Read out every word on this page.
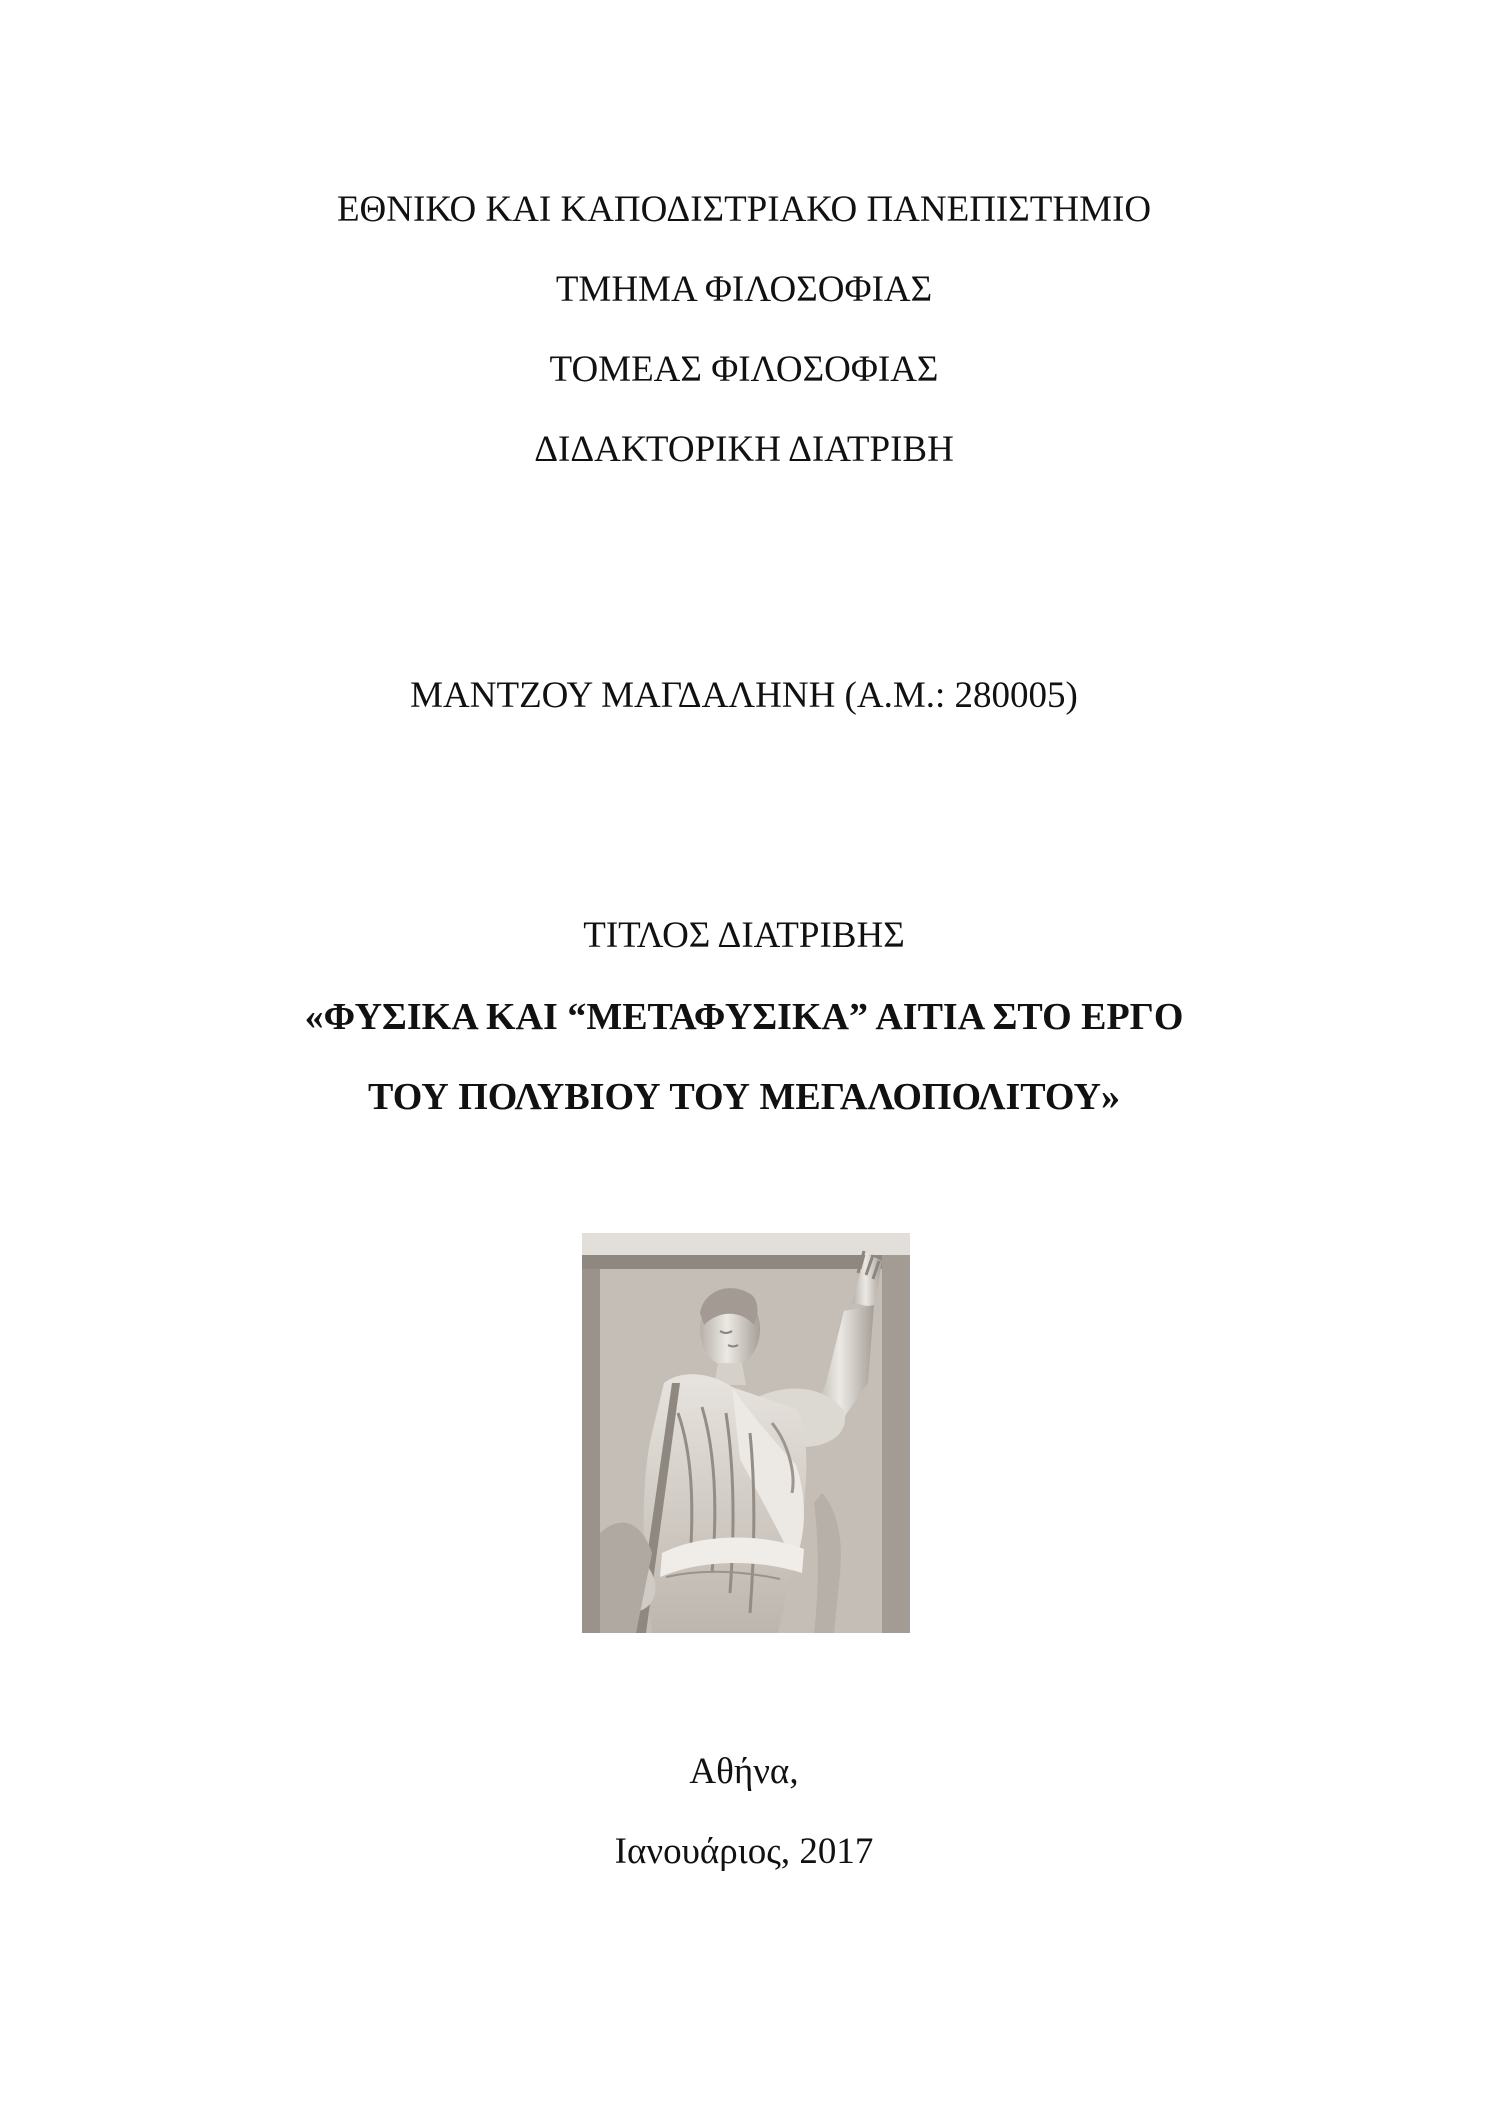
ΕΘΝΙΚΟ ΚΑΙ ΚΑΠΟΔΙΣΤΡΙΑΚΟ ΠΑΝΕΠΙΣΤΗΜΙΟ
ΤΜΗΜΑ ΦΙΛΟΣΟΦΙΑΣ
ΤΟΜΕΑΣ ΦΙΛΟΣΟΦΙΑΣ
ΔΙΔΑΚΤΟΡΙΚΗ ΔΙΑΤΡΙΒΗ
ΜΑΝΤΖΟΥ ΜΑΓΔΑΛΗΝΗ (Α.Μ.: 280005)
ΤΙΤΛΟΣ ΔΙΑΤΡΙΒΗΣ
«ΦΥΣΙΚΑ ΚΑΙ “ΜΕΤΑΦΥΣΙΚΑ” ΑΙΤΙΑ ΣΤΟ ΕΡΓΟ
ΤΟΥ ΠΟΛΥΒΙΟΥ ΤΟΥ ΜΕΓΑΛΟΠΟΛΙΤΟΥ»
Αθήνα,
Ιανουάριος, 2017
